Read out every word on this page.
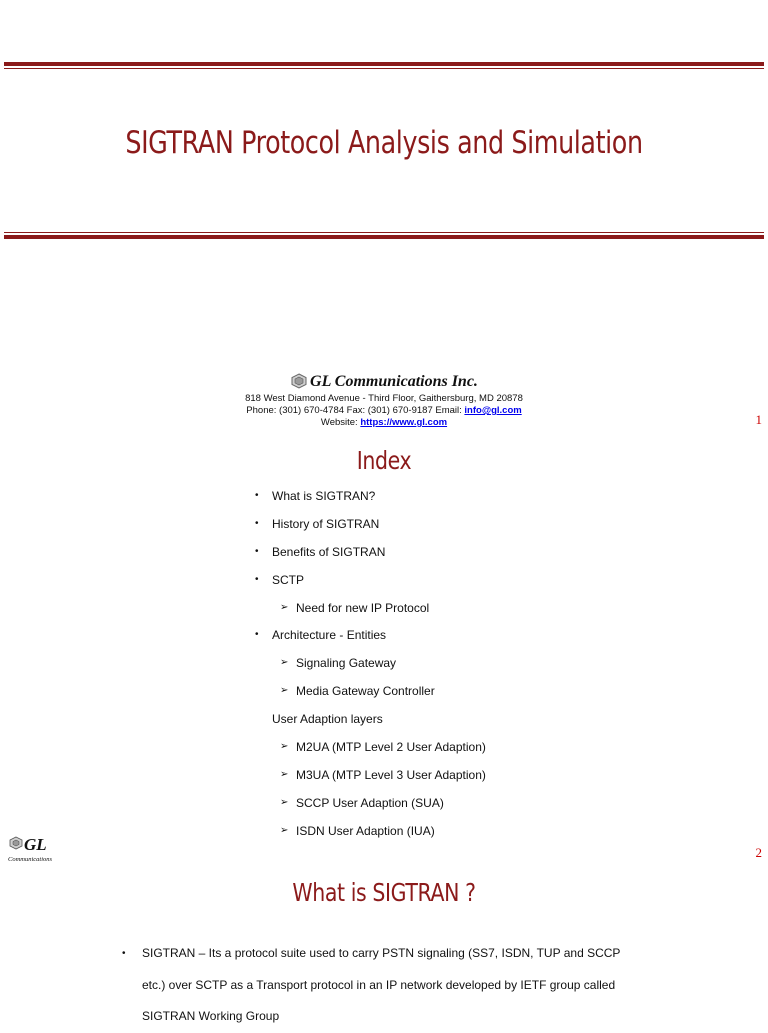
SIGTRAN Protocol Analysis and Simulation
GL Communications Inc.
818 West Diamond Avenue - Third Floor, Gaithersburg, MD 20878
Phone: (301) 670-4784 Fax: (301) 670-9187 Email: info@gl.com
Website: https://www.gl.com	1
Index
• What is SIGTRAN?
• History of SIGTRAN
• Benefits of SIGTRAN
• SCTP
➢ Need for new IP Protocol
• Architecture - Entities
➢ Signaling Gateway
➢ Media Gateway Controller
User Adaption layers
➢ M2UA (MTP Level 2 User Adaption)
➢ M3UA (MTP Level 3 User Adaption)
➢ SCCP User Adaption (SUA)
➢ ISDN User Adaption (IUA)
GL
Communications	2
What is SIGTRAN ?
•	SIGTRAN – Its a protocol suite used to carry PSTN signaling (SS7, ISDN, TUP and SCCP etc.) over SCTP as a Transport protocol in an IP network developed by IETF group called SIGTRAN Working Group
